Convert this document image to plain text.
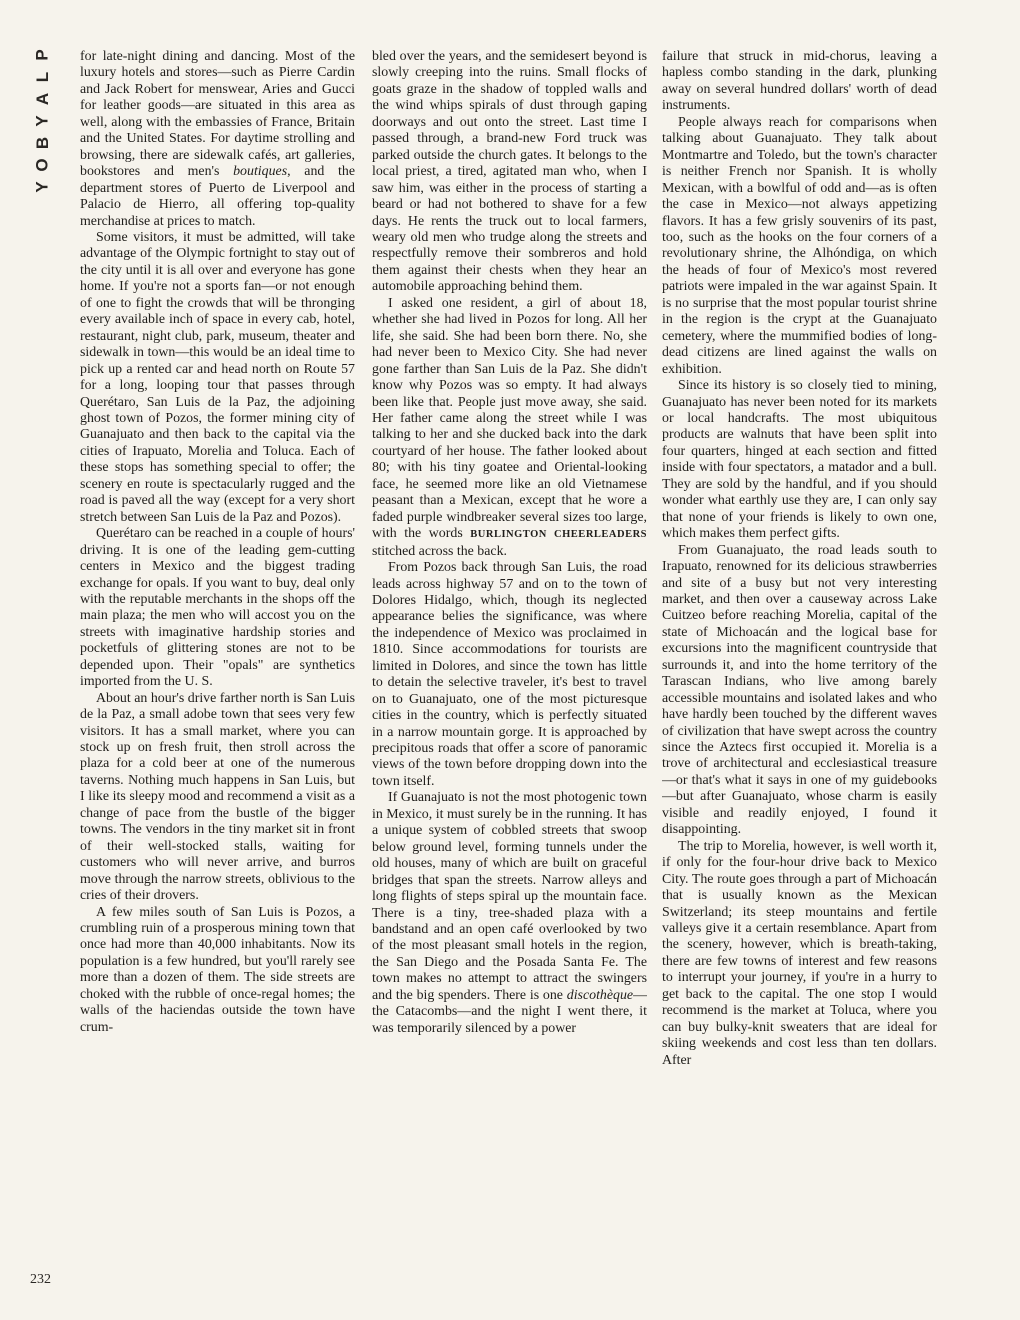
P
L
A
Y
B
O
Y

for late-night dining and dancing. Most of the luxury hotels and stores—such as Pierre Cardin and Jack Robert for menswear, Aries and Gucci for leather goods—are situated in this area as well, along with the embassies of France, Britain and the United States. For daytime strolling and browsing, there are sidewalk cafés, art galleries, bookstores and men's boutiques, and the department stores of Puerto de Liverpool and Palacio de Hierro, all offering top-quality merchandise at prices to match.

Some visitors, it must be admitted, will take advantage of the Olympic fortnight to stay out of the city until it is all over and everyone has gone home. If you're not a sports fan—or not enough of one to fight the crowds that will be thronging every available inch of space in every cab, hotel, restaurant, night club, park, museum, theater and sidewalk in town—this would be an ideal time to pick up a rented car and head north on Route 57 for a long, looping tour that passes through Querétaro, San Luis de la Paz, the adjoining ghost town of Pozos, the former mining city of Guanajuato and then back to the capital via the cities of Irapuato, Morelia and Toluca. Each of these stops has something special to offer; the scenery en route is spectacularly rugged and the road is paved all the way (except for a very short stretch between San Luis de la Paz and Pozos).

Querétaro can be reached in a couple of hours' driving. It is one of the leading gem-cutting centers in Mexico and the biggest trading exchange for opals. If you want to buy, deal only with the reputable merchants in the shops off the main plaza; the men who will accost you on the streets with imaginative hardship stories and pocketfuls of glittering stones are not to be depended upon. Their "opals" are synthetics imported from the U. S.

About an hour's drive farther north is San Luis de la Paz, a small adobe town that sees very few visitors. It has a small market, where you can stock up on fresh fruit, then stroll across the plaza for a cold beer at one of the numerous taverns. Nothing much happens in San Luis, but I like its sleepy mood and recommend a visit as a change of pace from the bustle of the bigger towns. The vendors in the tiny market sit in front of their well-stocked stalls, waiting for customers who will never arrive, and burros move through the narrow streets, oblivious to the cries of their drovers.

A few miles south of San Luis is Pozos, a crumbling ruin of a prosperous mining town that once had more than 40,000 inhabitants. Now its population is a few hundred, but you'll rarely see more than a dozen of them. The side streets are choked with the rubble of once-regal homes; the walls of the haciendas outside the town have crum-

bled over the years, and the semidesert beyond is slowly creeping into the ruins. Small flocks of goats graze in the shadow of toppled walls and the wind whips spirals of dust through gaping doorways and out onto the street. Last time I passed through, a brand-new Ford truck was parked outside the church gates. It belongs to the local priest, a tired, agitated man who, when I saw him, was either in the process of starting a beard or had not bothered to shave for a few days. He rents the truck out to local farmers, weary old men who trudge along the streets and respectfully remove their sombreros and hold them against their chests when they hear an automobile approaching behind them.

I asked one resident, a girl of about 18, whether she had lived in Pozos for long. All her life, she said. She had been born there. No, she had never been to Mexico City. She had never gone farther than San Luis de la Paz. She didn't know why Pozos was so empty. It had always been like that. People just move away, she said. Her father came along the street while I was talking to her and she ducked back into the dark courtyard of her house. The father looked about 80; with his tiny goatee and Oriental-looking face, he seemed more like an old Vietnamese peasant than a Mexican, except that he wore a faded purple windbreaker several sizes too large, with the words BURLINGTON CHEERLEADERS stitched across the back.

From Pozos back through San Luis, the road leads across highway 57 and on to the town of Dolores Hidalgo, which, though its neglected appearance belies the significance, was where the independence of Mexico was proclaimed in 1810. Since accommodations for tourists are limited in Dolores, and since the town has little to detain the selective traveler, it's best to travel on to Guanajuato, one of the most picturesque cities in the country, which is perfectly situated in a narrow mountain gorge. It is approached by precipitous roads that offer a score of panoramic views of the town before dropping down into the town itself.

If Guanajuato is not the most photogenic town in Mexico, it must surely be in the running. It has a unique system of cobbled streets that swoop below ground level, forming tunnels under the old houses, many of which are built on graceful bridges that span the streets. Narrow alleys and long flights of steps spiral up the mountain face. There is a tiny, tree-shaded plaza with a bandstand and an open café overlooked by two of the most pleasant small hotels in the region, the San Diego and the Posada Santa Fe. The town makes no attempt to attract the swingers and the big spenders. There is one discothèque—the Catacombs—and the night I went there, it was temporarily silenced by a power

failure that struck in mid-chorus, leaving a hapless combo standing in the dark, plunking away on several hundred dollars' worth of dead instruments.

People always reach for comparisons when talking about Guanajuato. They talk about Montmartre and Toledo, but the town's character is neither French nor Spanish. It is wholly Mexican, with a bowlful of odd and—as is often the case in Mexico—not always appetizing flavors. It has a few grisly souvenirs of its past, too, such as the hooks on the four corners of a revolutionary shrine, the Alhóndiga, on which the heads of four of Mexico's most revered patriots were impaled in the war against Spain. It is no surprise that the most popular tourist shrine in the region is the crypt at the Guanajuato cemetery, where the mummified bodies of long-dead citizens are lined against the walls on exhibition.

Since its history is so closely tied to mining, Guanajuato has never been noted for its markets or local handcrafts. The most ubiquitous products are walnuts that have been split into four quarters, hinged at each section and fitted inside with four spectators, a matador and a bull. They are sold by the handful, and if you should wonder what earthly use they are, I can only say that none of your friends is likely to own one, which makes them perfect gifts.

From Guanajuato, the road leads south to Irapuato, renowned for its delicious strawberries and site of a busy but not very interesting market, and then over a causeway across Lake Cuitzeo before reaching Morelia, capital of the state of Michoacán and the logical base for excursions into the magnificent countryside that surrounds it, and into the home territory of the Tarascan Indians, who live among barely accessible mountains and isolated lakes and who have hardly been touched by the different waves of civilization that have swept across the country since the Aztecs first occupied it. Morelia is a trove of architectural and ecclesiastical treasure—or that's what it says in one of my guidebooks—but after Guanajuato, whose charm is easily visible and readily enjoyed, I found it disappointing.

The trip to Morelia, however, is well worth it, if only for the four-hour drive back to Mexico City. The route goes through a part of Michoacán that is usually known as the Mexican Switzerland; its steep mountains and fertile valleys give it a certain resemblance. Apart from the scenery, however, which is breath-taking, there are few towns of interest and few reasons to interrupt your journey, if you're in a hurry to get back to the capital. The one stop I would recommend is the market at Toluca, where you can buy bulky-knit sweaters that are ideal for skiing weekends and cost less than ten dollars. After

232
